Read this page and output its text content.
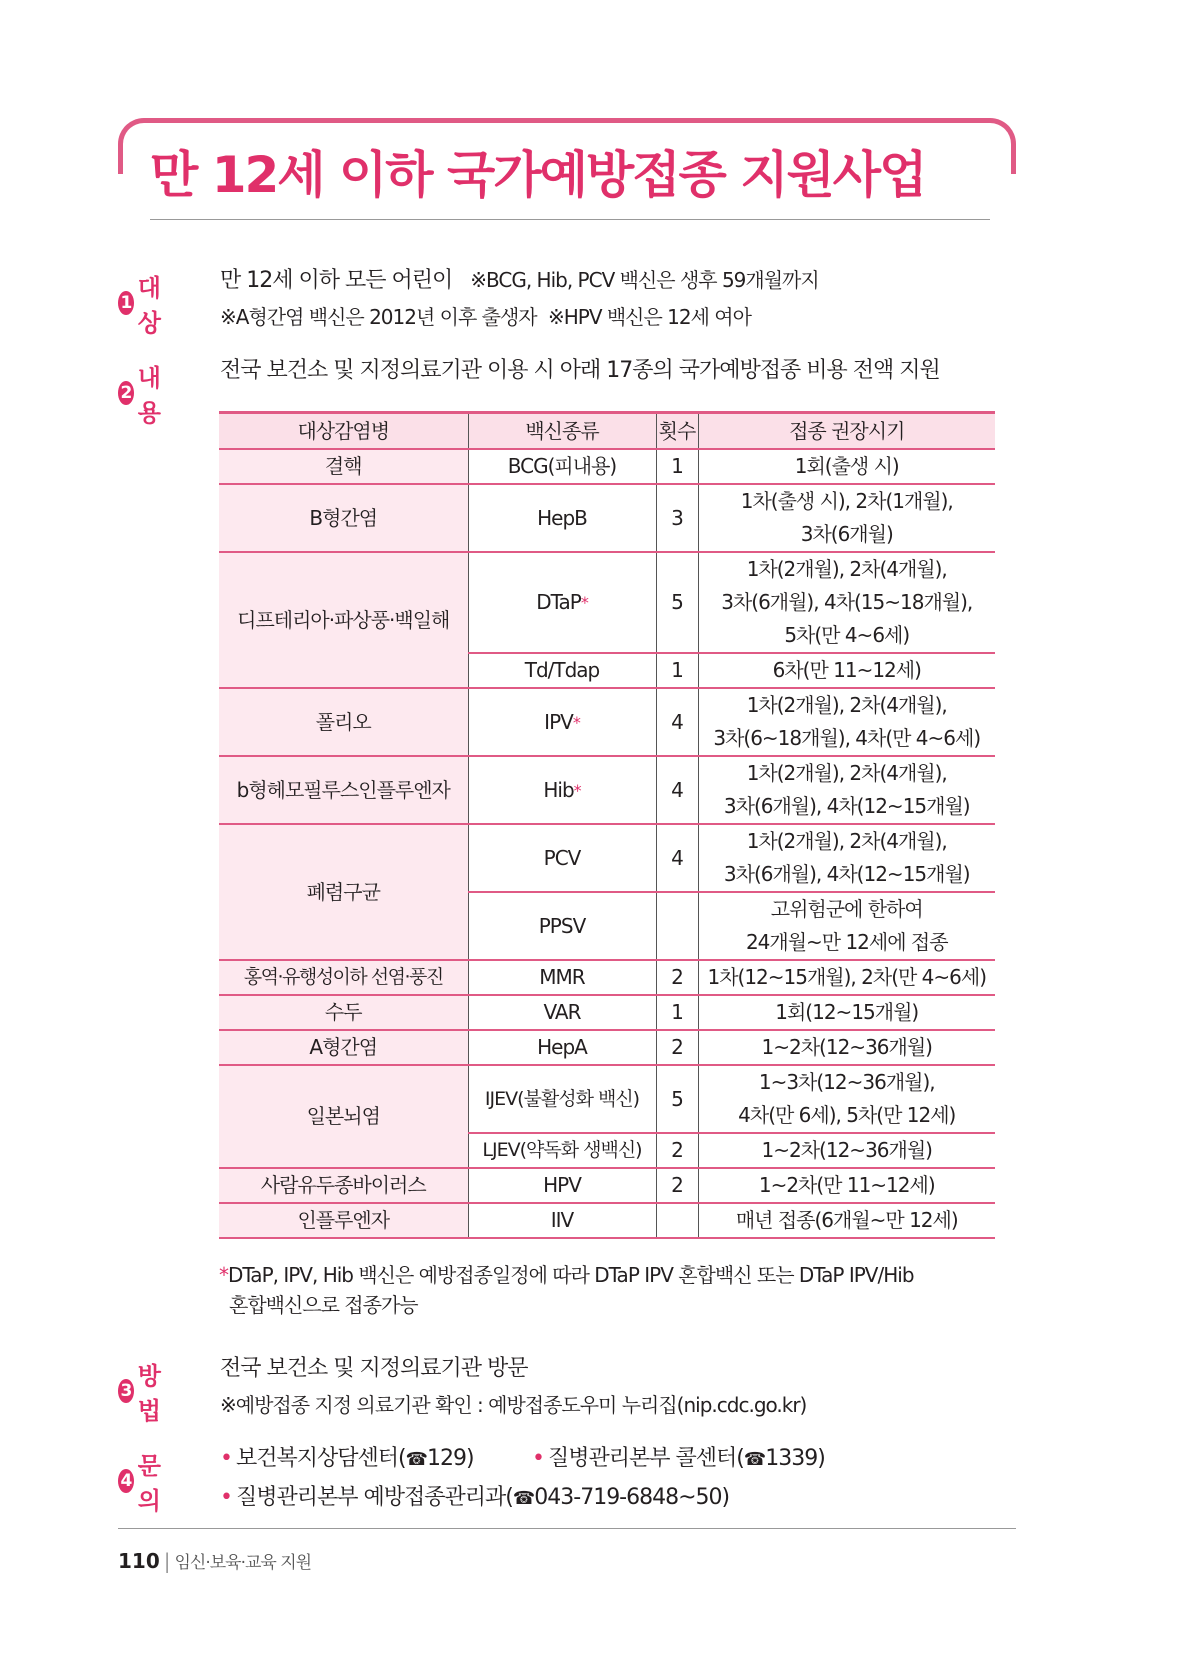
만 12세 이하 국가예방접종 지원사업
1
대상
만 12세 이하 모든 어린이 ※BCG, Hib, PCV 백신은 생후 59개월까지
※A형간염 백신은 2012년 이후 출생자 ※HPV 백신은 12세 여아
2
내용
전국 보건소 및 지정의료기관 이용 시 아래 17종의 국가예방접종 비용 전액 지원
대상감염병	백신종류	횟수	접종 권장시기
결핵	BCG(피내용)	1	1회(출생 시)

B형간염	HepB	3	1차(출생 시), 2차(1개월),
3차(6개월)

디프테리아·파상풍·백일해	DTaP*	5	1차(2개월), 2차(4개월),
3차(6개월), 4차(15~18개월),
5차(만 4~6세)

	Td/Tdap	1	6차(만 11~12세)

폴리오	IPV*	4	1차(2개월), 2차(4개월),
3차(6~18개월), 4차(만 4~6세)

b형헤모필루스인플루엔자	Hib*	4	1차(2개월), 2차(4개월),
3차(6개월), 4차(12~15개월)

폐렴구균	PCV	4	1차(2개월), 2차(4개월),
3차(6개월), 4차(12~15개월)

	PPSV		고위험군에 한하여
24개월~만 12세에 접종

홍역·유행성이하 선염·풍진	MMR	2	1차(12~15개월), 2차(만 4~6세)

수두	VAR	1	1회(12~15개월)

A형간염	HepA	2	1~2차(12~36개월)

일본뇌염	IJEV(불활성화 백신)	5	1~3차(12~36개월),
4차(만 6세), 5차(만 12세)

	LJEV(약독화 생백신)	2	1~2차(12~36개월)

사람유두종바이러스	HPV	2	1~2차(만 11~12세)

인플루엔자	IIV		매년 접종(6개월~만 12세)
*DTaP, IPV, Hib 백신은 예방접종일정에 따라 DTaP IPV 혼합백신 또는 DTaP IPV/Hib
혼합백신으로 접종가능
3
방법
전국 보건소 및 지정의료기관 방문
※예방접종 지정 의료기관 확인 : 예방접종도우미 누리집(nip.cdc.go.kr)
4
문의
• 보건복지상담센터(☎129)	• 질병관리본부 콜센터(☎1339)
• 질병관리본부 예방접종관리과(☎043-719-6848~50)
110 | 임신·보육·교육 지원
